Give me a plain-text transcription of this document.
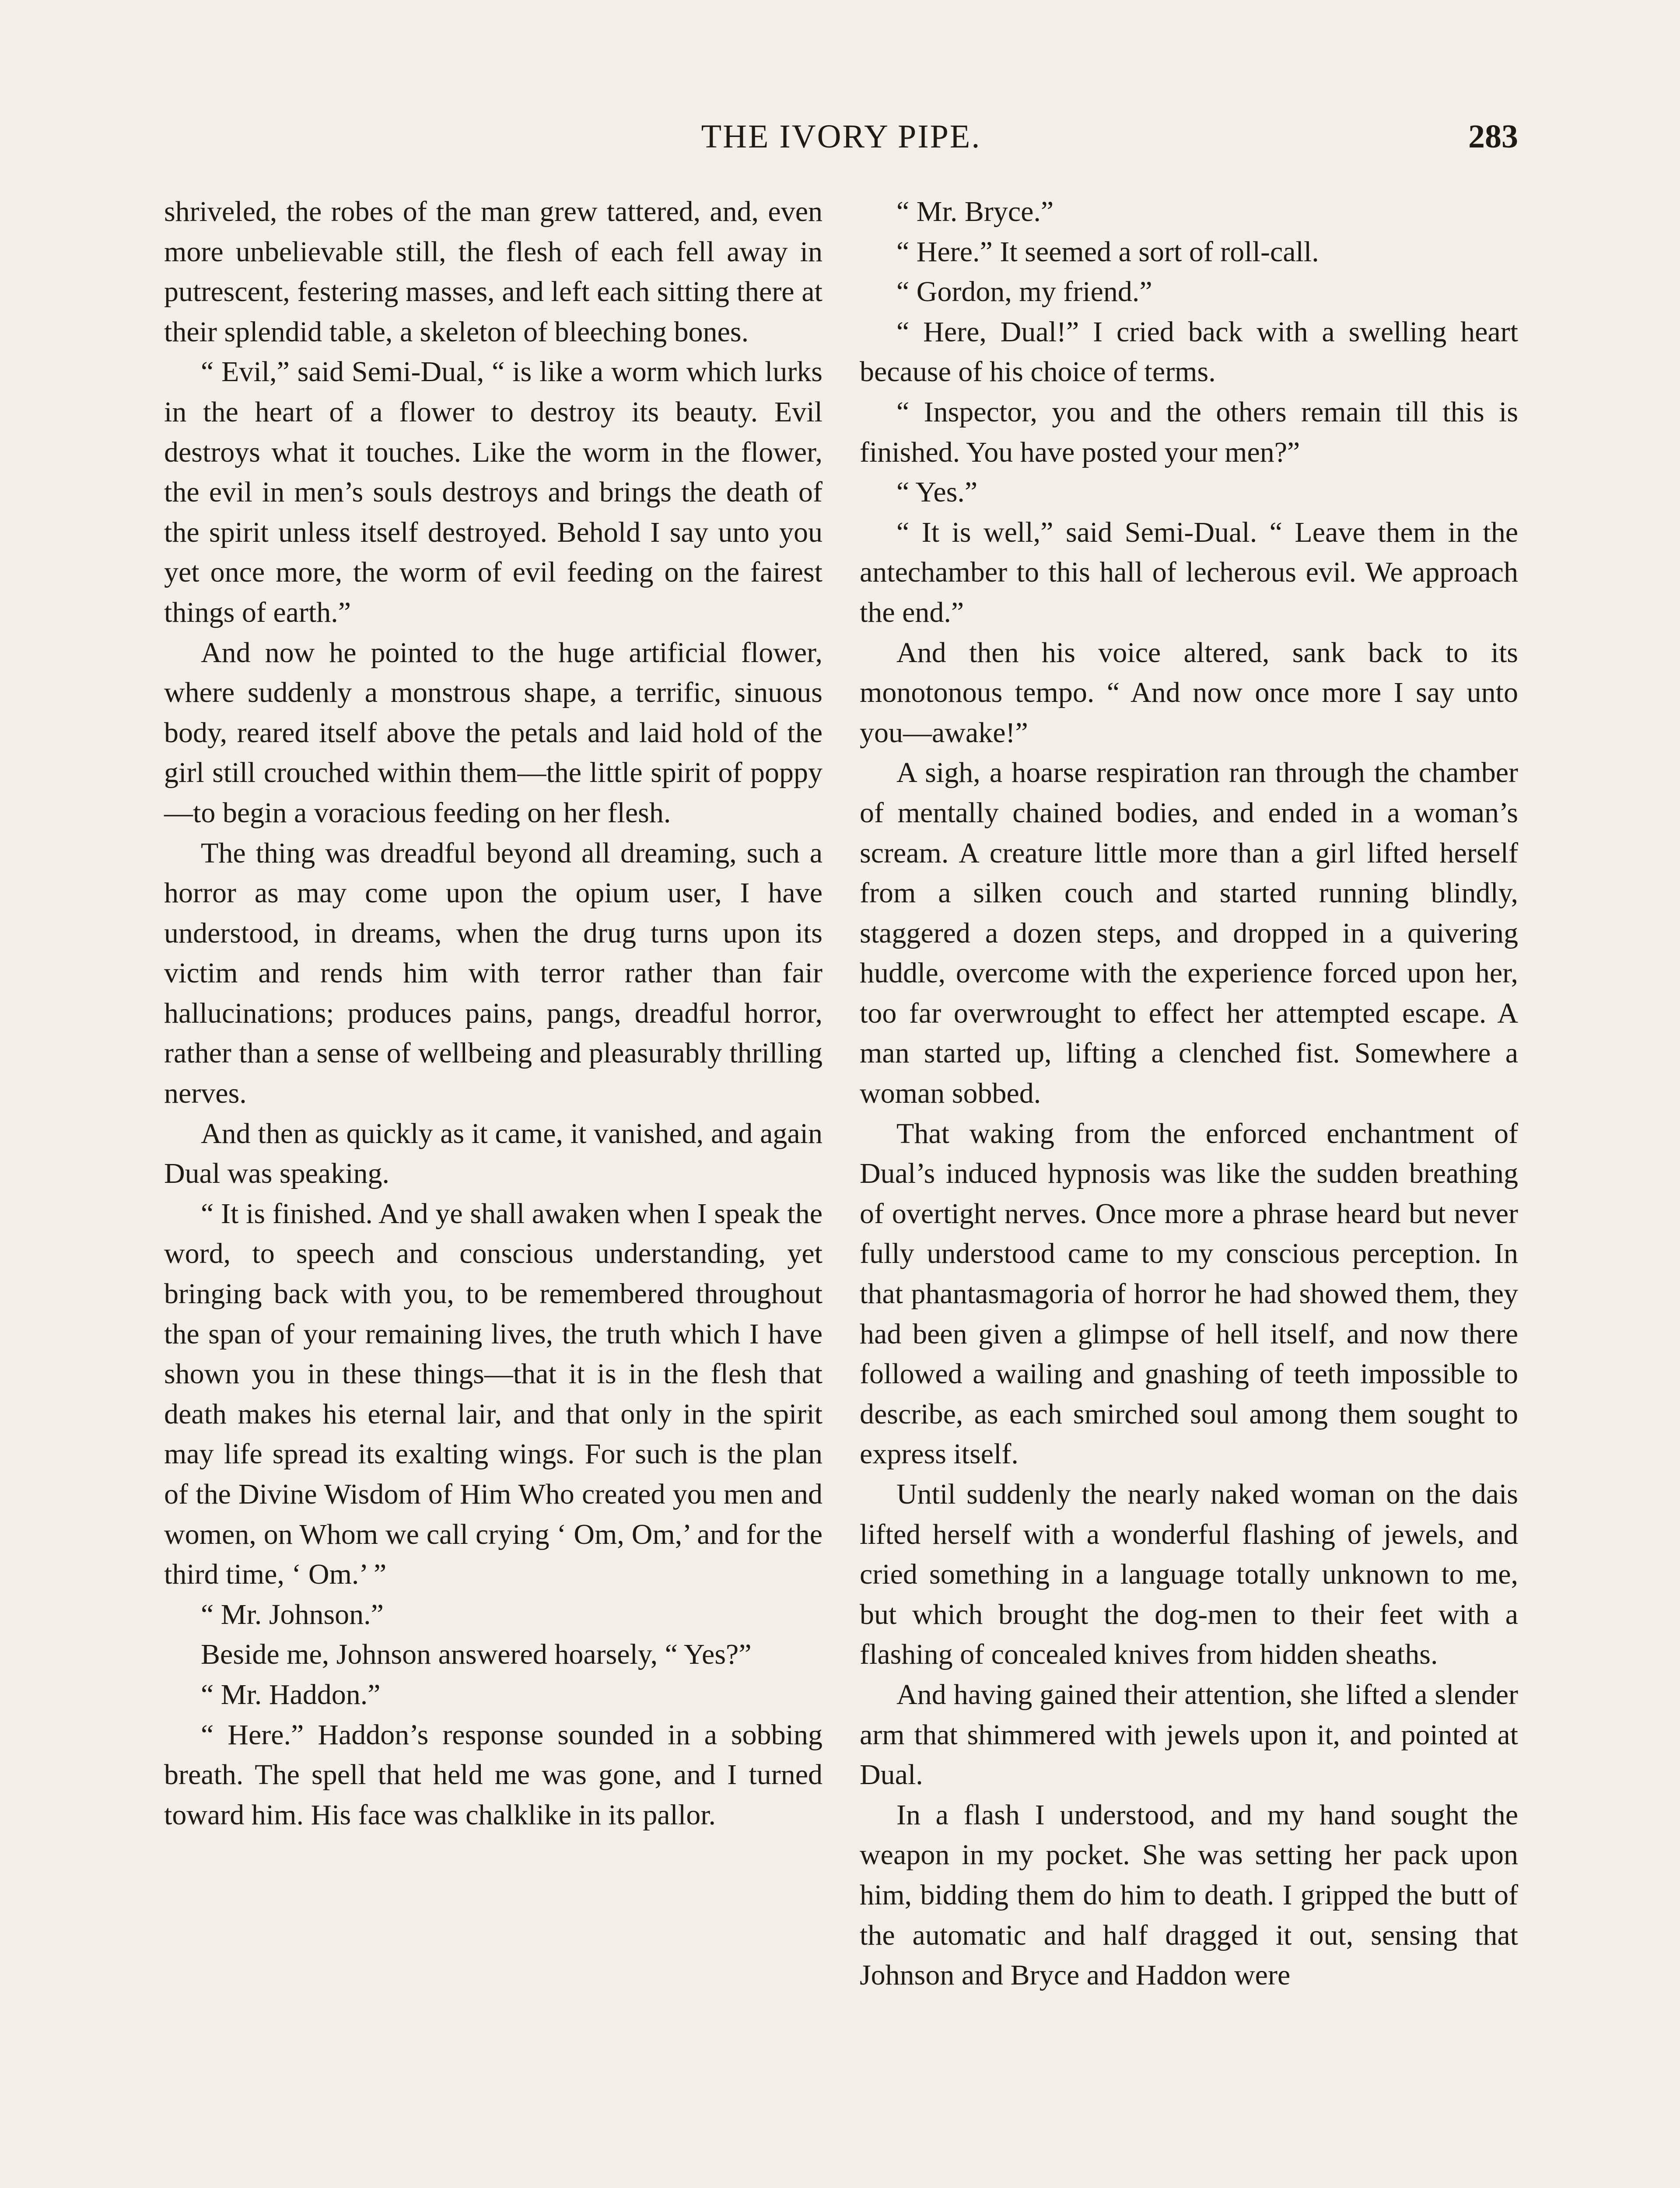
THE IVORY PIPE.	283

shriveled, the robes of the man grew tattered, and, even more unbelievable still, the flesh of each fell away in putrescent, festering masses, and left each sitting there at their splendid table, a skeleton of bleeching bones.

“ Evil,” said Semi-Dual, “ is like a worm which lurks in the heart of a flower to destroy its beauty. Evil destroys what it touches. Like the worm in the flower, the evil in men’s souls destroys and brings the death of the spirit unless itself destroyed. Behold I say unto you yet once more, the worm of evil feeding on the fairest things of earth.”

And now he pointed to the huge artificial flower, where suddenly a monstrous shape, a terrific, sinuous body, reared itself above the petals and laid hold of the girl still crouched within them—the little spirit of poppy—to begin a voracious feeding on her flesh.

The thing was dreadful beyond all dreaming, such a horror as may come upon the opium user, I have understood, in dreams, when the drug turns upon its victim and rends him with terror rather than fair hallucinations; produces pains, pangs, dreadful horror, rather than a sense of wellbeing and pleasurably thrilling nerves.

And then as quickly as it came, it vanished, and again Dual was speaking.

“ It is finished. And ye shall awaken when I speak the word, to speech and conscious understanding, yet bringing back with you, to be remembered throughout the span of your remaining lives, the truth which I have shown you in these things—that it is in the flesh that death makes his eternal lair, and that only in the spirit may life spread its exalting wings. For such is the plan of the Divine Wisdom of Him Who created you men and women, on Whom we call crying ‘ Om, Om,’ and for the third time, ‘ Om.’ ”

“ Mr. Johnson.”

Beside me, Johnson answered hoarsely, “ Yes?”

“ Mr. Haddon.”

“ Here.” Haddon’s response sounded in a sobbing breath. The spell that held me was gone, and I turned toward him. His face was chalklike in its pallor.

“ Mr. Bryce.”

“ Here.” It seemed a sort of roll-call.

“ Gordon, my friend.”

“ Here, Dual!” I cried back with a swelling heart because of his choice of terms.

“ Inspector, you and the others remain till this is finished. You have posted your men?”

“ Yes.”

“ It is well,” said Semi-Dual. “ Leave them in the antechamber to this hall of lecherous evil. We approach the end.”

And then his voice altered, sank back to its monotonous tempo. “ And now once more I say unto you—awake!”

A sigh, a hoarse respiration ran through the chamber of mentally chained bodies, and ended in a woman’s scream. A creature little more than a girl lifted herself from a silken couch and started running blindly, staggered a dozen steps, and dropped in a quivering huddle, overcome with the experience forced upon her, too far overwrought to effect her attempted escape. A man started up, lifting a clenched fist. Somewhere a woman sobbed.

That waking from the enforced enchantment of Dual’s induced hypnosis was like the sudden breathing of overtight nerves. Once more a phrase heard but never fully understood came to my conscious perception. In that phantasmagoria of horror he had showed them, they had been given a glimpse of hell itself, and now there followed a wailing and gnashing of teeth impossible to describe, as each smirched soul among them sought to express itself.

Until suddenly the nearly naked woman on the dais lifted herself with a wonderful flashing of jewels, and cried something in a language totally unknown to me, but which brought the dog-men to their feet with a flashing of concealed knives from hidden sheaths.

And having gained their attention, she lifted a slender arm that shimmered with jewels upon it, and pointed at Dual.

In a flash I understood, and my hand sought the weapon in my pocket. She was setting her pack upon him, bidding them do him to death. I gripped the butt of the automatic and half dragged it out, sensing that Johnson and Bryce and Haddon were
